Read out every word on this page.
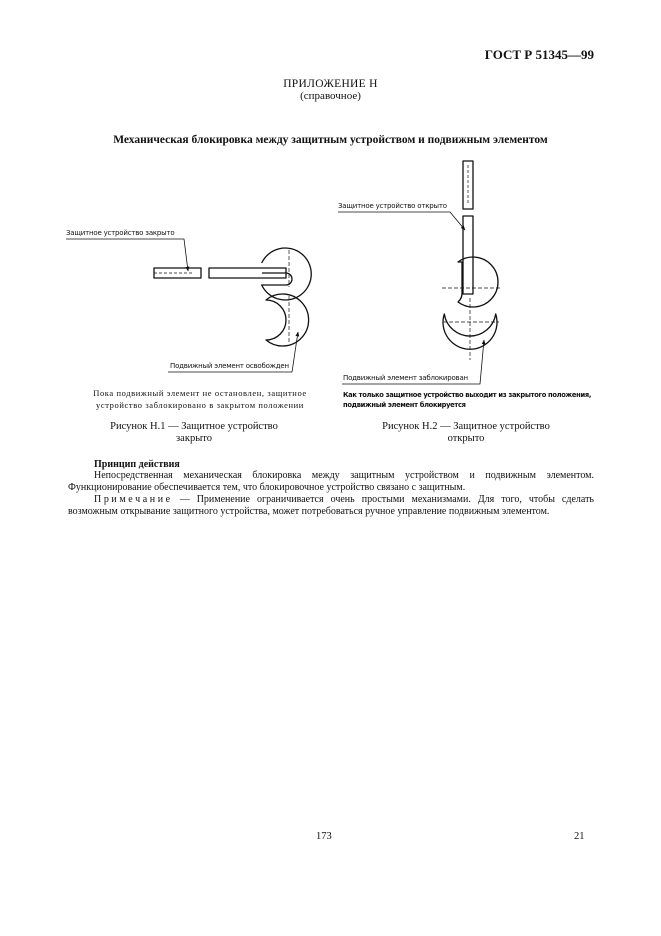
ГОСТ Р 51345—99
ПРИЛОЖЕНИЕ Н
(справочное)
Механическая блокировка между защитным устройством и подвижным элементом
Защитное устройство закрыто
Подвижный элемент освобожден
Защитное устройство открыто
Подвижный элемент заблокирован
Как только защитное устройство выходит из закрытого положения,
подвижный элемент блокируется
Пока подвижный элемент не остановлен, защитное
устройство заблокировано в закрытом положении
Рисунок Н.1 — Защитное устройство
закрыто
Рисунок Н.2 — Защитное устройство
открыто
Принцип действия
Непосредственная механическая блокировка между защитным устройством и подвижным элементом. Функционирование обеспечивается тем, что блокировочное устройство связано с защитным.
Примечание — Применение ограничивается очень простыми механизмами. Для того, чтобы сделать возможным открывание защитного устройства, может потребоваться ручное управление подвижным элементом.
173	21
